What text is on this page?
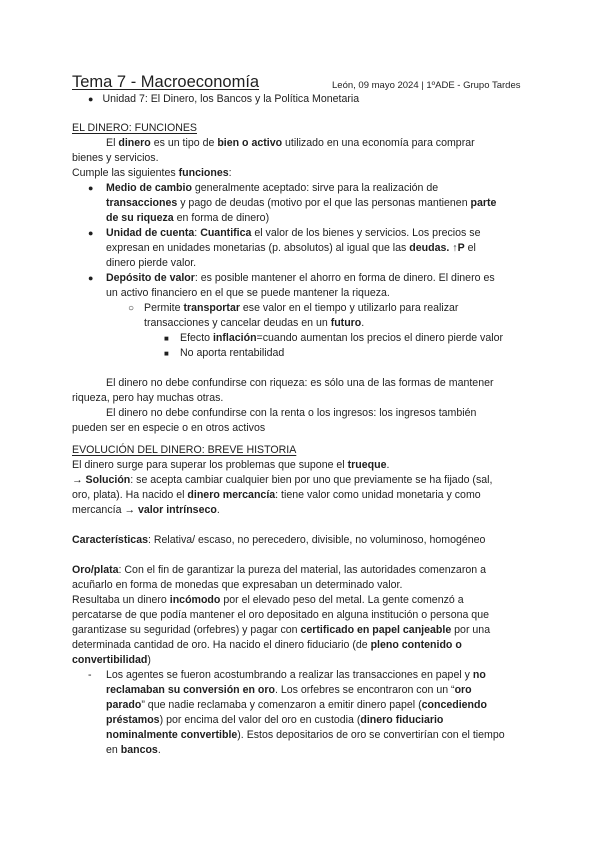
Tema 7 - Macroeconomía	León, 09 mayo 2024 | 1ºADE - Grupo Tardes
● Unidad 7: El Dinero, los Bancos y la Política Monetaria

EL DINERO: FUNCIONES

El dinero es un tipo de bien o activo utilizado en una economía para comprar

bienes y servicios.

Cumple las siguientes funciones:

● Medio de cambio generalmente aceptado: sirve para la realización de

transacciones y pago de deudas (motivo por el que las personas mantienen parte

de su riqueza en forma de dinero)

● Unidad de cuenta: Cuantifica el valor de los bienes y servicios. Los precios se

expresan en unidades monetarias (p. absolutos) al igual que las deudas. ↑P el

dinero pierde valor.

● Depósito de valor: es posible mantener el ahorro en forma de dinero. El dinero es

un activo financiero en el que se puede mantener la riqueza.

○ Permite transportar ese valor en el tiempo y utilizarlo para realizar

transacciones y cancelar deudas en un futuro.

■ Efecto inflación=cuando aumentan los precios el dinero pierde valor

■ No aporta rentabilidad

El dinero no debe confundirse con riqueza: es sólo una de las formas de mantener

riqueza, pero hay muchas otras.

El dinero no debe confundirse con la renta o los ingresos: los ingresos también

pueden ser en especie o en otros activos

EVOLUCIÓN DEL DINERO: BREVE HISTORIA

El dinero surge para superar los problemas que supone el trueque.

→ Solución: se acepta cambiar cualquier bien por uno que previamente se ha fijado (sal,

oro, plata). Ha nacido el dinero mercancía: tiene valor como unidad monetaria y como

mercancía → valor intrínseco.

Características: Relativa/ escaso, no perecedero, divisible, no voluminoso, homogéneo

Oro/plata: Con el fin de garantizar la pureza del material, las autoridades comenzaron a

acuñarlo en forma de monedas que expresaban un determinado valor.

Resultaba un dinero incómodo por el elevado peso del metal. La gente comenzó a

percatarse de que podía mantener el oro depositado en alguna institución o persona que

garantizase su seguridad (orfebres) y pagar con certificado en papel canjeable por una

determinada cantidad de oro. Ha nacido el dinero fiduciario (de pleno contenido o

convertibilidad)

- Los agentes se fueron acostumbrando a realizar las transacciones en papel y no

reclamaban su conversión en oro. Los orfebres se encontraron con un “oro

parado” que nadie reclamaba y comenzaron a emitir dinero papel (concediendo

préstamos) por encima del valor del oro en custodia (dinero fiduciario

nominalmente convertible). Estos depositarios de oro se convertirían con el tiempo

en bancos.
